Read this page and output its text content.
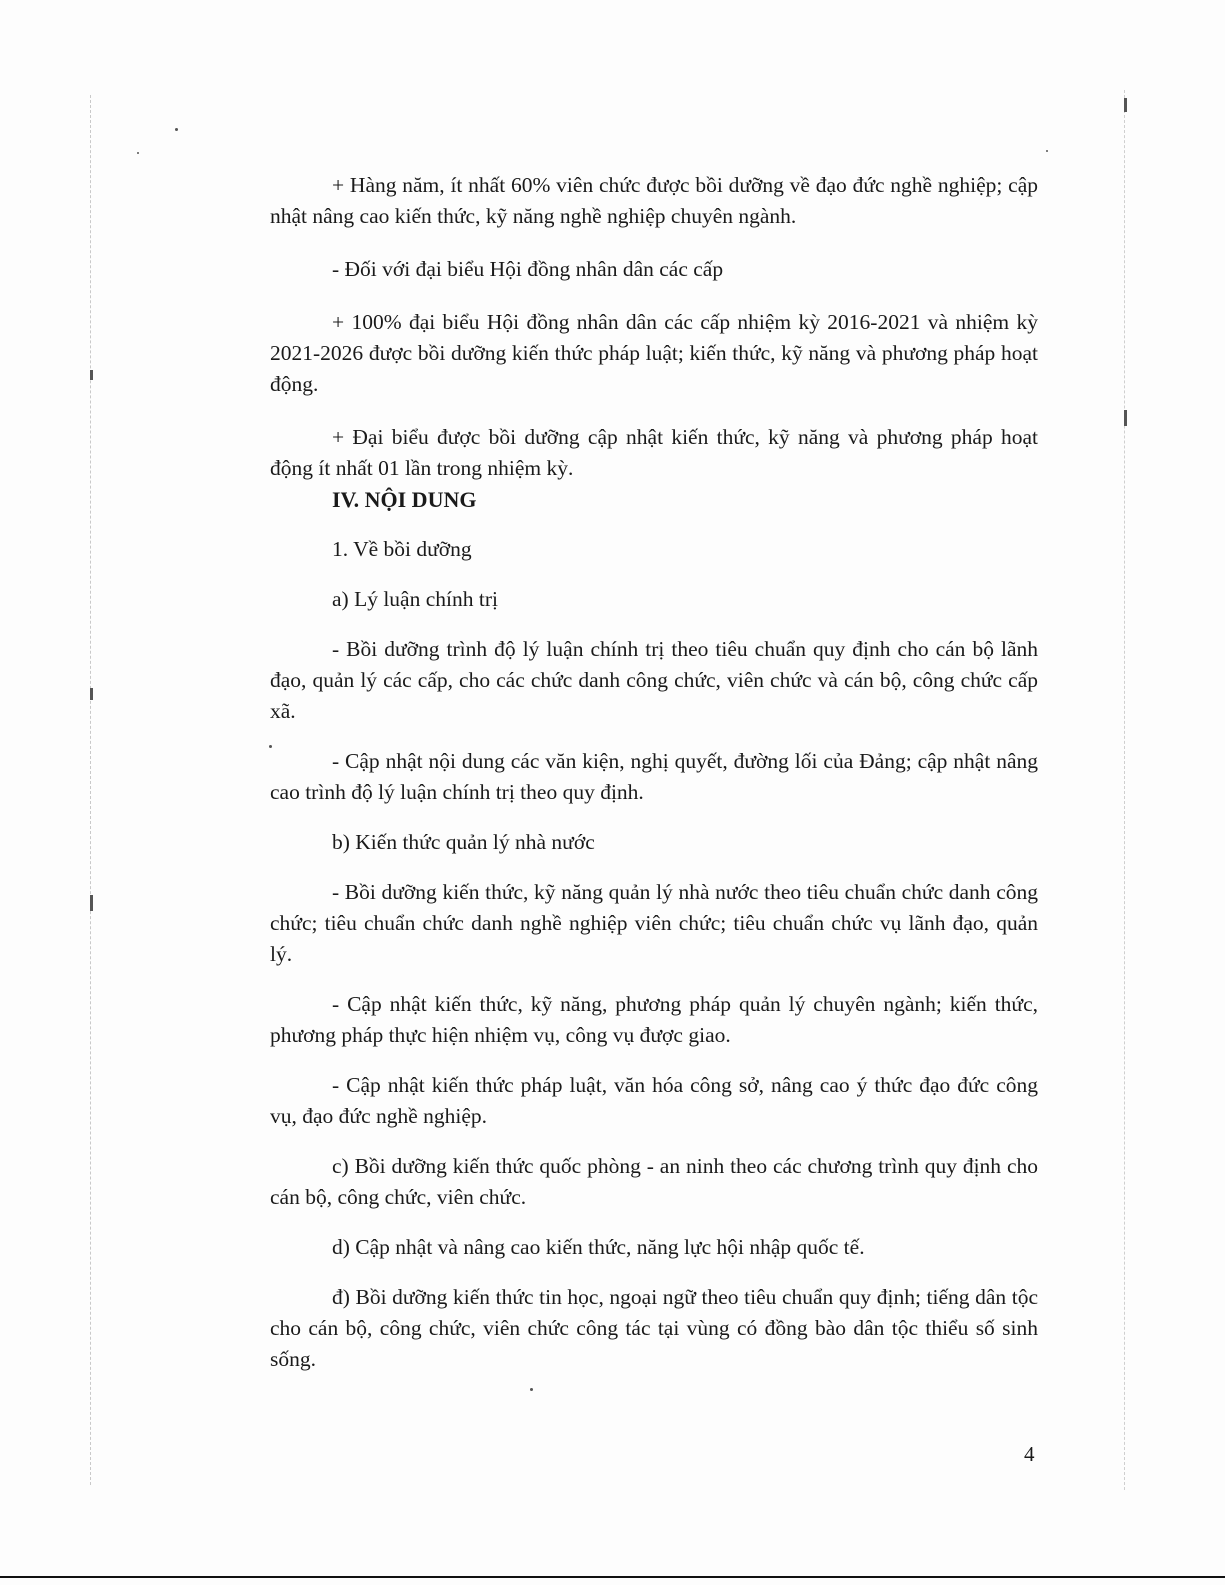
+ Hàng năm, ít nhất 60% viên chức được bồi dưỡng về đạo đức nghề nghiệp; cập nhật nâng cao kiến thức, kỹ năng nghề nghiệp chuyên ngành.

- Đối với đại biểu Hội đồng nhân dân các cấp

+ 100% đại biểu Hội đồng nhân dân các cấp nhiệm kỳ 2016-2021 và nhiệm kỳ 2021-2026 được bồi dưỡng kiến thức pháp luật; kiến thức, kỹ năng và phương pháp hoạt động.

+ Đại biểu được bồi dưỡng cập nhật kiến thức, kỹ năng và phương pháp hoạt động ít nhất 01 lần trong nhiệm kỳ.

IV. NỘI DUNG

1. Về bồi dưỡng

a) Lý luận chính trị

- Bồi dưỡng trình độ lý luận chính trị theo tiêu chuẩn quy định cho cán bộ lãnh đạo, quản lý các cấp, cho các chức danh công chức, viên chức và cán bộ, công chức cấp xã.

- Cập nhật nội dung các văn kiện, nghị quyết, đường lối của Đảng; cập nhật nâng cao trình độ lý luận chính trị theo quy định.

b) Kiến thức quản lý nhà nước

- Bồi dưỡng kiến thức, kỹ năng quản lý nhà nước theo tiêu chuẩn chức danh công chức; tiêu chuẩn chức danh nghề nghiệp viên chức; tiêu chuẩn chức vụ lãnh đạo, quản lý.

- Cập nhật kiến thức, kỹ năng, phương pháp quản lý chuyên ngành; kiến thức, phương pháp thực hiện nhiệm vụ, công vụ được giao.

- Cập nhật kiến thức pháp luật, văn hóa công sở, nâng cao ý thức đạo đức công vụ, đạo đức nghề nghiệp.

c) Bồi dưỡng kiến thức quốc phòng - an ninh theo các chương trình quy định cho cán bộ, công chức, viên chức.

d) Cập nhật và nâng cao kiến thức, năng lực hội nhập quốc tế.

đ) Bồi dưỡng kiến thức tin học, ngoại ngữ theo tiêu chuẩn quy định; tiếng dân tộc cho cán bộ, công chức, viên chức công tác tại vùng có đồng bào dân tộc thiểu số sinh sống.

4
